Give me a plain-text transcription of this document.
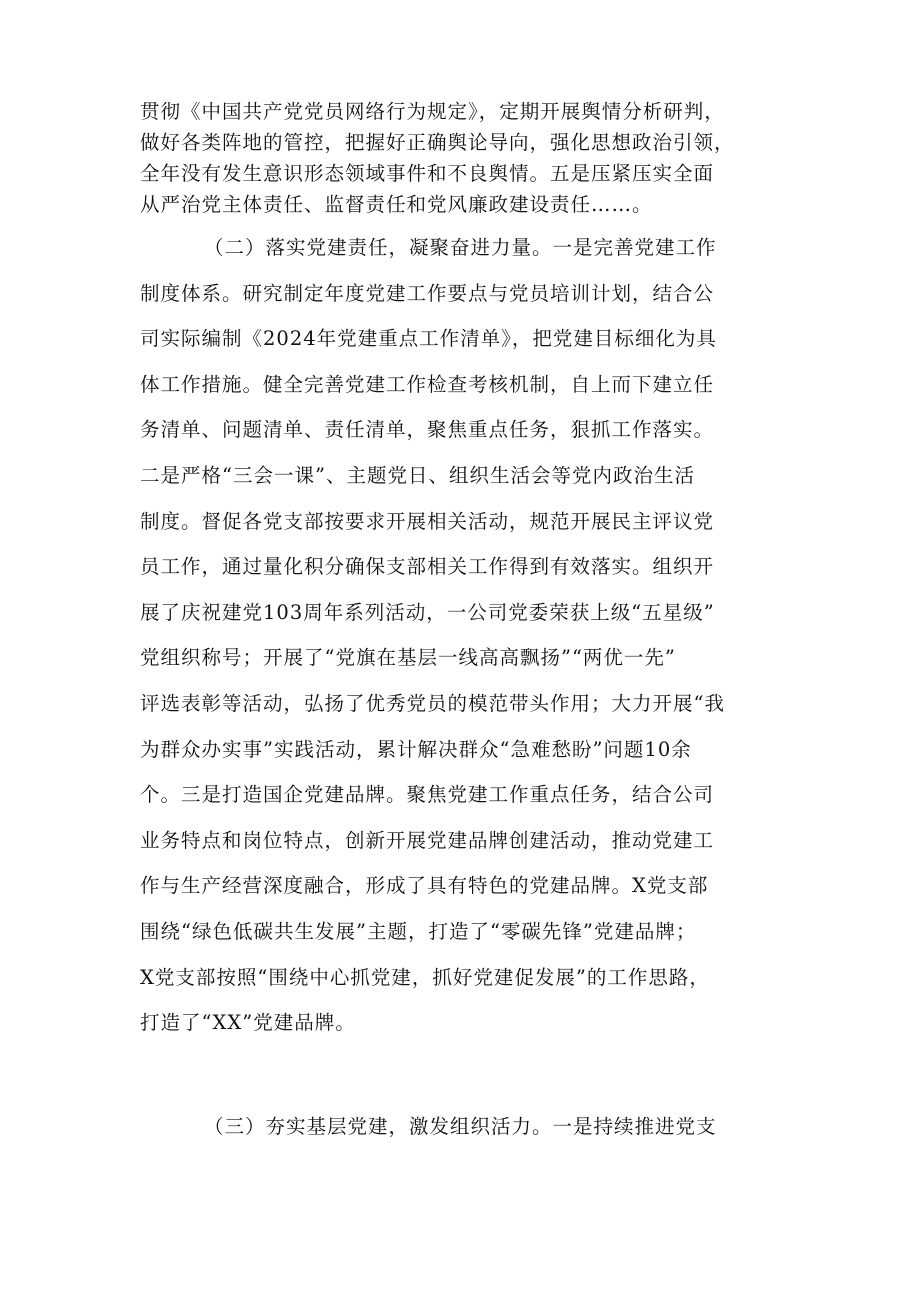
贯彻《中国共产党党员网络行为规定》，定期开展舆情分析研判，
做好各类阵地的管控，把握好正确舆论导向，强化思想政治引领，
全年没有发生意识形态领域事件和不良舆情。五是压紧压实全面
从严治党主体责任、监督责任和党风廉政建设责任……。

（二）落实党建责任，凝聚奋进力量。一是完善党建工作
制度体系。研究制定年度党建工作要点与党员培训计划，结合公
司实际编制《2024年党建重点工作清单》，把党建目标细化为具
体工作措施。健全完善党建工作检查考核机制，自上而下建立任
务清单、问题清单、责任清单，聚焦重点任务，狠抓工作落实。
二是严格“三会一课”、主题党日、组织生活会等党内政治生活
制度。督促各党支部按要求开展相关活动，规范开展民主评议党
员工作，通过量化积分确保支部相关工作得到有效落实。组织开
展了庆祝建党103周年系列活动，一公司党委荣获上级“五星级”
党组织称号；开展了“党旗在基层一线高高飘扬”“两优一先”
评选表彰等活动，弘扬了优秀党员的模范带头作用；大力开展“我
为群众办实事”实践活动，累计解决群众“急难愁盼”问题10余
个。三是打造国企党建品牌。聚焦党建工作重点任务，结合公司
业务特点和岗位特点，创新开展党建品牌创建活动，推动党建工
作与生产经营深度融合，形成了具有特色的党建品牌。X党支部
围绕“绿色低碳共生发展”主题，打造了“零碳先锋”党建品牌；
X党支部按照“围绕中心抓党建，抓好党建促发展”的工作思路，
打造了“XX”党建品牌。

（三）夯实基层党建，激发组织活力。一是持续推进党支
